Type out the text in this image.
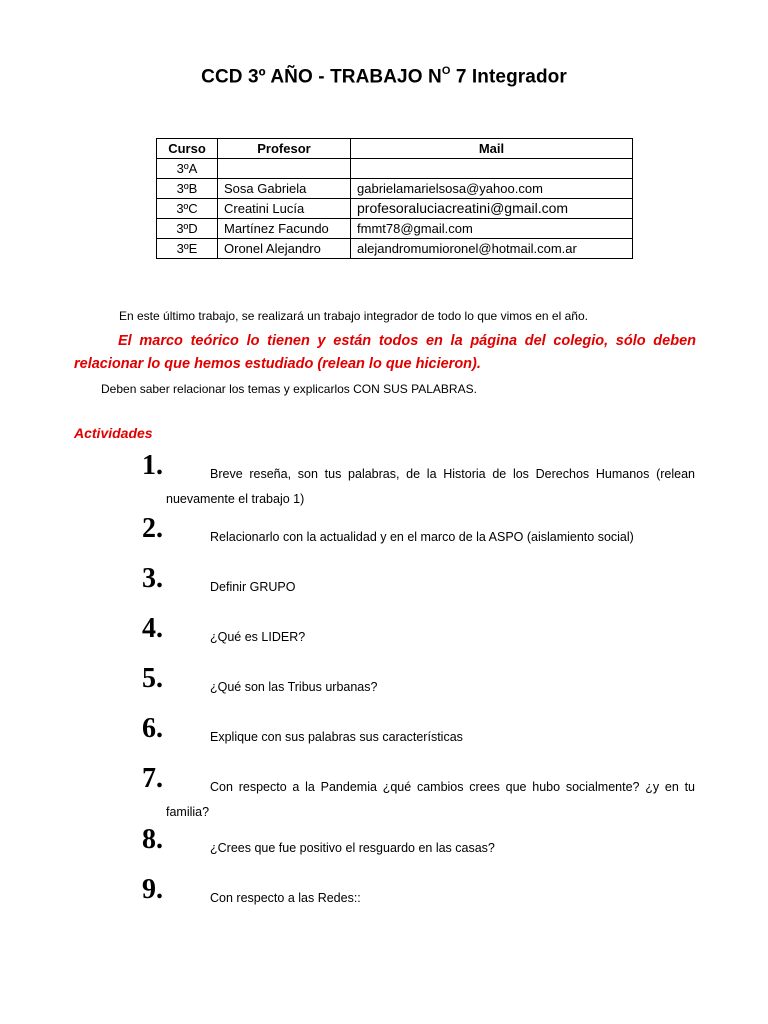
CCD 3º AÑO - TRABAJO $N^O$ 7 Integrador
Curso	Profesor	Mail
3ºA		
3ºB	Sosa Gabriela	gabrielamarielsosa@yahoo.com
3ºC	Creatini Lucía	profesoraluciacreatini@gmail.com
3ºD	Martínez Facundo	fmmt78@gmail.com
3ºE	Oronel Alejandro	alejandromumioronel@hotmail.com.ar
En este último trabajo, se realizará un trabajo integrador de todo lo que vimos en el año.
El marco teórico lo tienen y están todos en la página del colegio, sólo deben relacionar lo que hemos estudiado (relean lo que hicieron).
Deben saber relacionar los temas y explicarlos CON SUS PALABRAS.
Actividades
1.	Breve reseña, son tus palabras, de la Historia de los Derechos Humanos (relean nuevamente el trabajo 1)
2.	Relacionarlo con la actualidad y en el marco de la ASPO (aislamiento social)
3.	Definir GRUPO
4.	¿Qué es LIDER?
5.	¿Qué son las Tribus urbanas?
6.	Explique con sus palabras sus características
7.	Con respecto a la Pandemia ¿qué cambios crees que hubo socialmente? ¿y en tu familia?
8.	¿Crees que fue positivo el resguardo en las casas?
9.	Con respecto a las Redes::
